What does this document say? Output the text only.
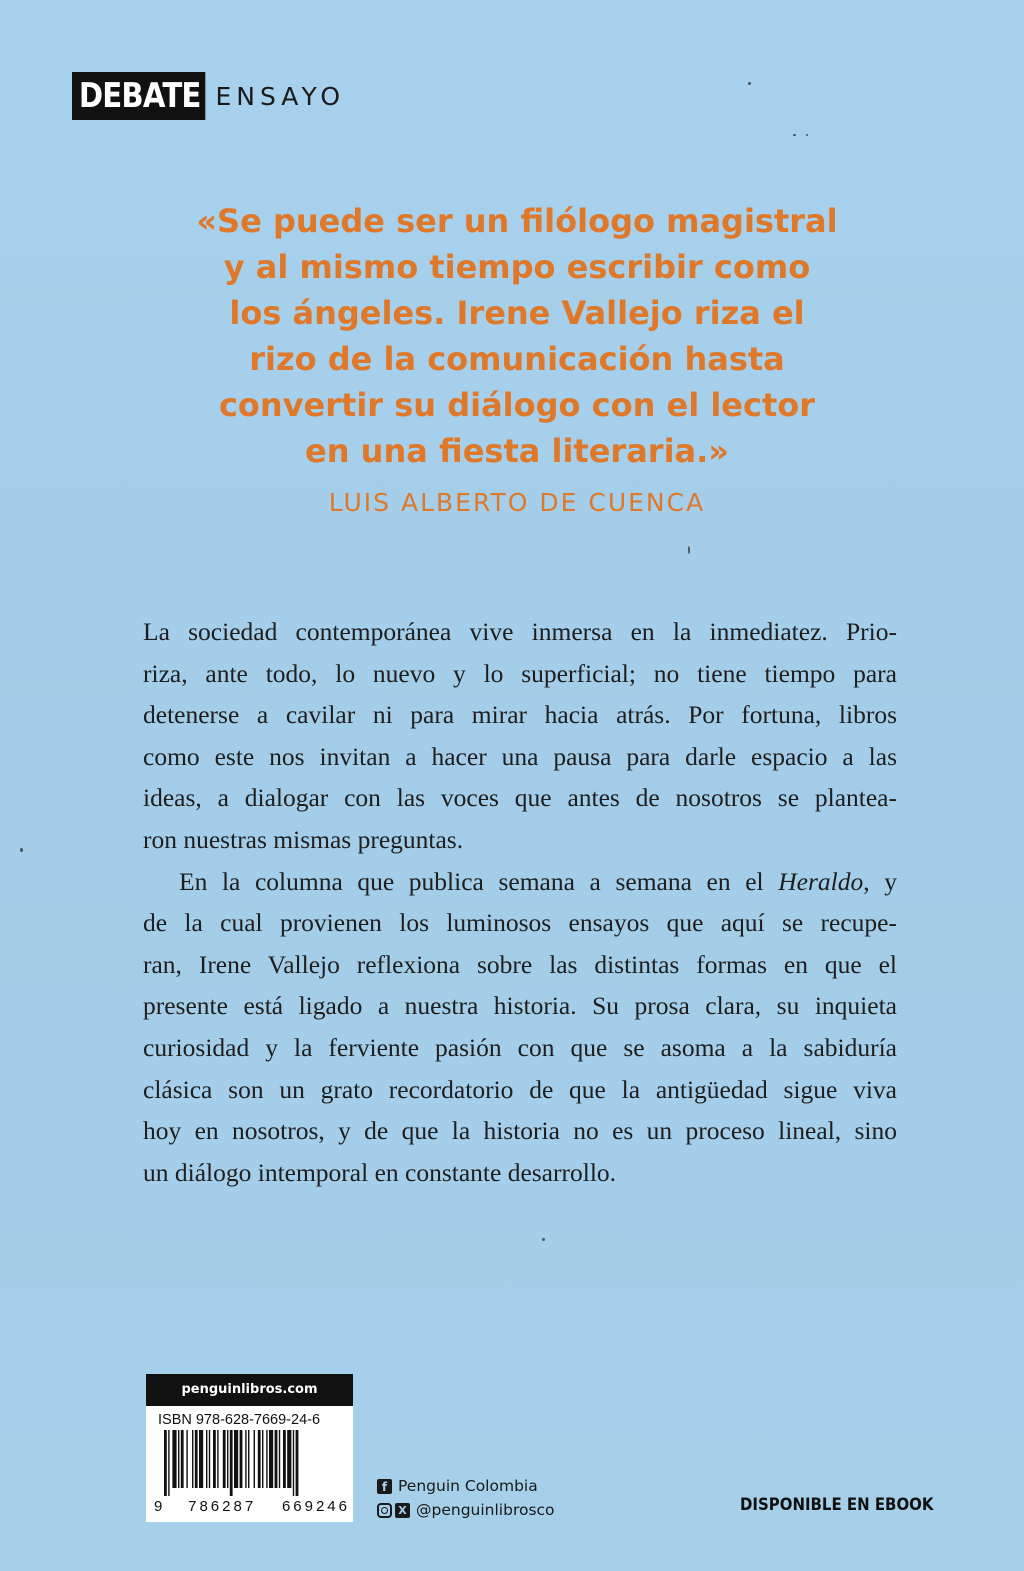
DEBATE ENSAYO
«Se puede ser un filólogo magistral
y al mismo tiempo escribir como
los ángeles. Irene Vallejo riza el
rizo de la comunicación hasta
convertir su diálogo con el lector
en una fiesta literaria.»
LUIS ALBERTO DE CUENCA
La sociedad contemporánea vive inmersa en la inmediatez. Prio-
riza, ante todo, lo nuevo y lo superficial; no tiene tiempo para
detenerse a cavilar ni para mirar hacia atrás. Por fortuna, libros
como este nos invitan a hacer una pausa para darle espacio a las
ideas, a dialogar con las voces que antes de nosotros se planteа-
ron nuestras mismas preguntas.
En la columna que publica semana a semana en el Heraldo, y
de la cual provienen los luminosos ensayos que aquí se recupe-
ran, Irene Vallejo reflexiona sobre las distintas formas en que el
presente está ligado a nuestra historia. Su prosa clara, su inquieta
curiosidad y la ferviente pasión con que se asoma a la sabiduría
clásica son un grato recordatorio de que la antigüedad sigue viva
hoy en nosotros, y de que la historia no es un proceso lineal, sino
un diálogo intemporal en constante desarrollo.
penguinlibros.com
ISBN 978-628-7669-24-6
9 786287 669246
f Penguin Colombia
X @penguinlibrosco	DISPONIBLE EN EBOOK
